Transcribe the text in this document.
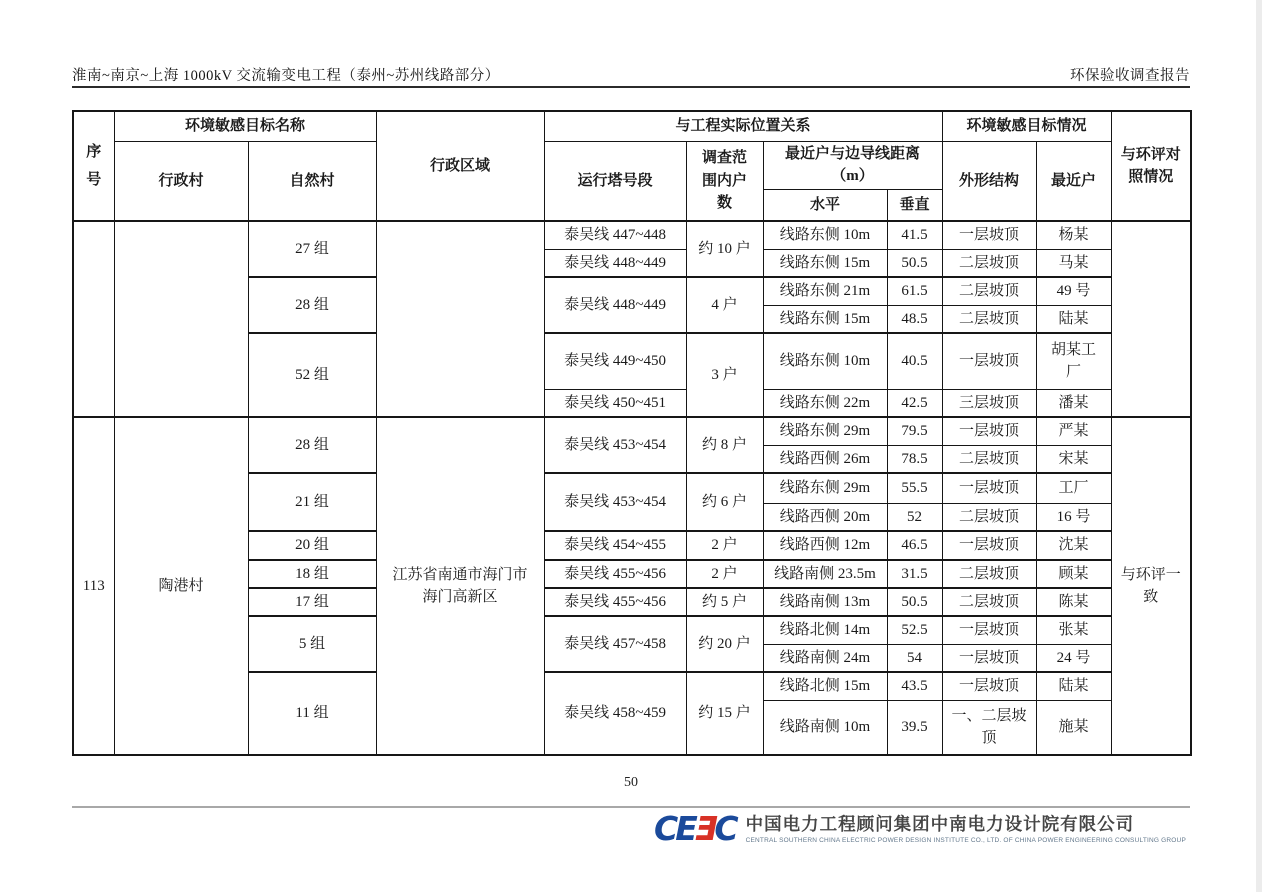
淮南~南京~上海 1000kV 交流输变电工程（泰州~苏州线路部分）	环保验收调查报告
序号	环境敏感目标名称		行政区域	与工程实际位置关系				环境敏感目标情况		与环评对照情况
	行政村	自然村		运行塔号段	调查范围内户数	最近户与边导线距离
（m）		外形结构	最近户	
						水平	垂直			
		27 组		泰吴线 447~448	约 10 户	线路东侧 10m	41.5	一层坡顶	杨某	
				泰吴线 448~449		线路东侧 15m	50.5	二层坡顶	马某	
		28 组		泰吴线 448~449	4 户	线路东侧 21m	61.5	二层坡顶	49 号	
						线路东侧 15m	48.5	二层坡顶	陆某	
		52 组		泰吴线 449~450	3 户	线路东侧 10m	40.5	一层坡顶	胡某工厂	
				泰吴线 450~451		线路东侧 22m	42.5	三层坡顶	潘某	
113	陶港村	28 组	江苏省南通市海门市海门高新区	泰吴线 453~454	约 8 户	线路东侧 29m	79.5	一层坡顶	严某	与环评一致
						线路西侧 26m	78.5	二层坡顶	宋某	
		21 组		泰吴线 453~454	约 6 户	线路东侧 29m	55.5	一层坡顶	工厂	
						线路西侧 20m	52	二层坡顶	16 号	
		20 组		泰吴线 454~455	2 户	线路西侧 12m	46.5	一层坡顶	沈某	
		18 组		泰吴线 455~456	2 户	线路南侧 23.5m	31.5	二层坡顶	顾某	
		17 组		泰吴线 455~456	约 5 户	线路南侧 13m	50.5	二层坡顶	陈某	
		5 组		泰吴线 457~458	约 20 户	线路北侧 14m	52.5	一层坡顶	张某	
						线路南侧 24m	54	一层坡顶	24 号	
		11 组		泰吴线 458~459	约 15 户	线路北侧 15m	43.5	一层坡顶	陆某	
						线路南侧 10m	39.5	一、二层坡顶	施某	
50
CEƎC 中国电力工程顾问集团中南电力设计院有限公司
CENTRAL SOUTHERN CHINA ELECTRIC POWER DESIGN INSTITUTE CO., LTD. OF CHINA POWER ENGINEERING CONSULTING GROUP
